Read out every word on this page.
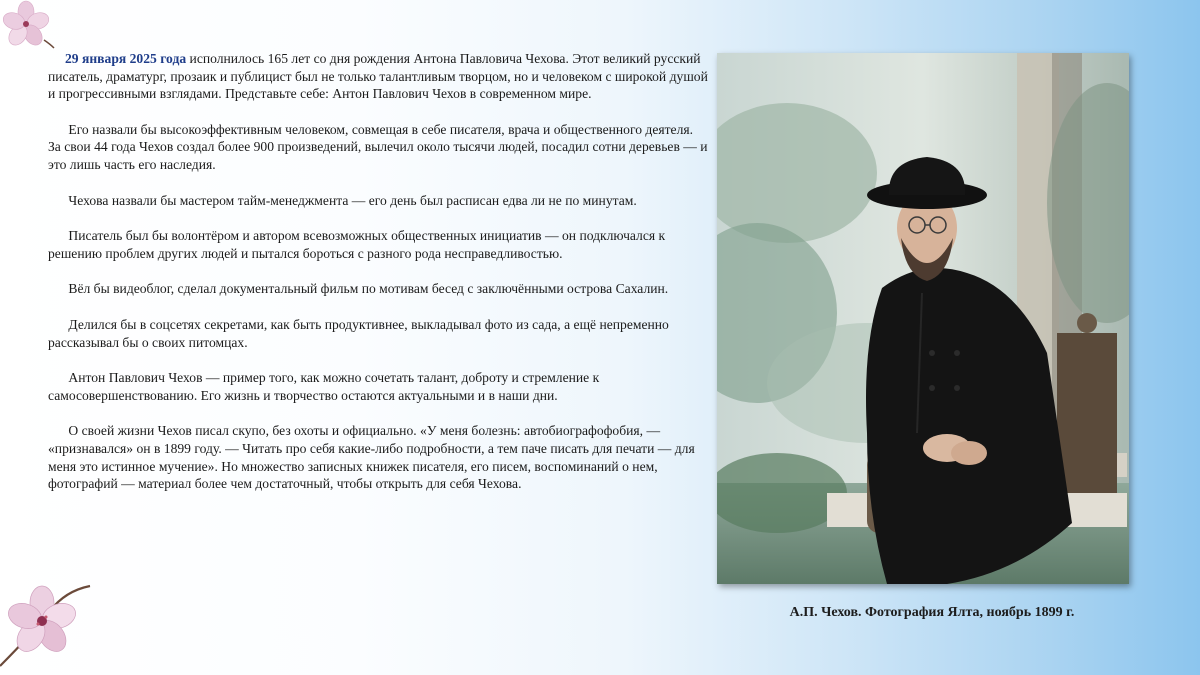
29 января 2025 года исполнилось 165 лет со дня рождения Антона Павловича Чехова. Этот великий русский писатель, драматург, прозаик и публицист был не только талантливым творцом, но и человеком с широкой душой и прогрессивными взглядами. Представьте себе: Антон Павлович Чехов в современном мире.

Его назвали бы высокоэффективным человеком, совмещая в себе писателя, врача и общественного деятеля. За свои 44 года Чехов создал более 900 произведений, вылечил около тысячи людей, посадил сотни деревьев — и это лишь часть его наследия.

Чехова назвали бы мастером тайм-менеджмента — его день был расписан едва ли не по минутам.

Писатель был бы волонтёром и автором всевозможных общественных инициатив — он подключался к решению проблем других людей и пытался бороться с разного рода несправедливостью.

Вёл бы видеоблог, сделал документальный фильм по мотивам бесед с заключёнными острова Сахалин.

Делился бы в соцсетях секретами, как быть продуктивнее, выкладывал фото из сада, а ещё непременно рассказывал бы о своих питомцах.

Антон Павлович Чехов — пример того, как можно сочетать талант, доброту и стремление к самосовершенствованию. Его жизнь и творчество остаются актуальными и в наши дни.

О своей жизни Чехов писал скупо, без охоты и официально. «У меня болезнь: автобиографофобия, — «признавался» он в 1899 году. — Читать про себя какие-либо подробности, а тем паче писать для печати — для меня это истинное мучение». Но множество записных книжек писателя, его писем, воспоминаний о нем, фотографий — материал более чем достаточный, чтобы открыть для себя Чехова.

А.П. Чехов. Фотография Ялта, ноябрь 1899 г.
